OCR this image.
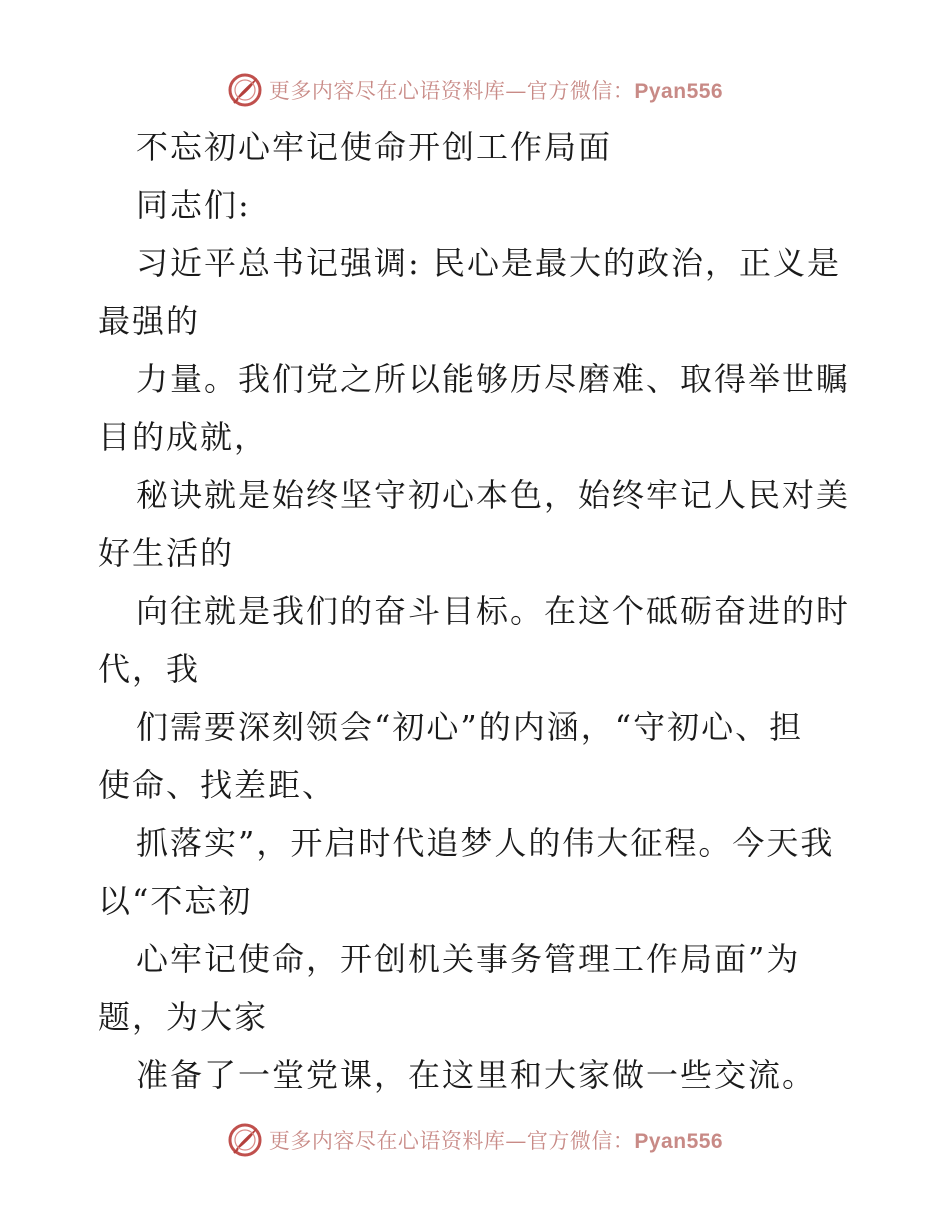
更多内容尽在心语资料库—官方微信：Pyan556
不忘初心牢记使命开创工作局面
同志们:
习近平总书记强调: 民心是最大的政治，正义是
最强的
力量。我们党之所以能够历尽磨难、取得举世瞩
目的成就，
秘诀就是始终坚守初心本色，始终牢记人民对美
好生活的
向往就是我们的奋斗目标。在这个砥砺奋进的时
代，我
们需要深刻领会“初心”的内涵，“守初心、担
使命、找差距、
抓落实”，开启时代追梦人的伟大征程。今天我
以“不忘初
心牢记使命，开创机关事务管理工作局面”为
题，为大家
准备了一堂党课，在这里和大家做一些交流。
更多内容尽在心语资料库—官方微信：Pyan556
